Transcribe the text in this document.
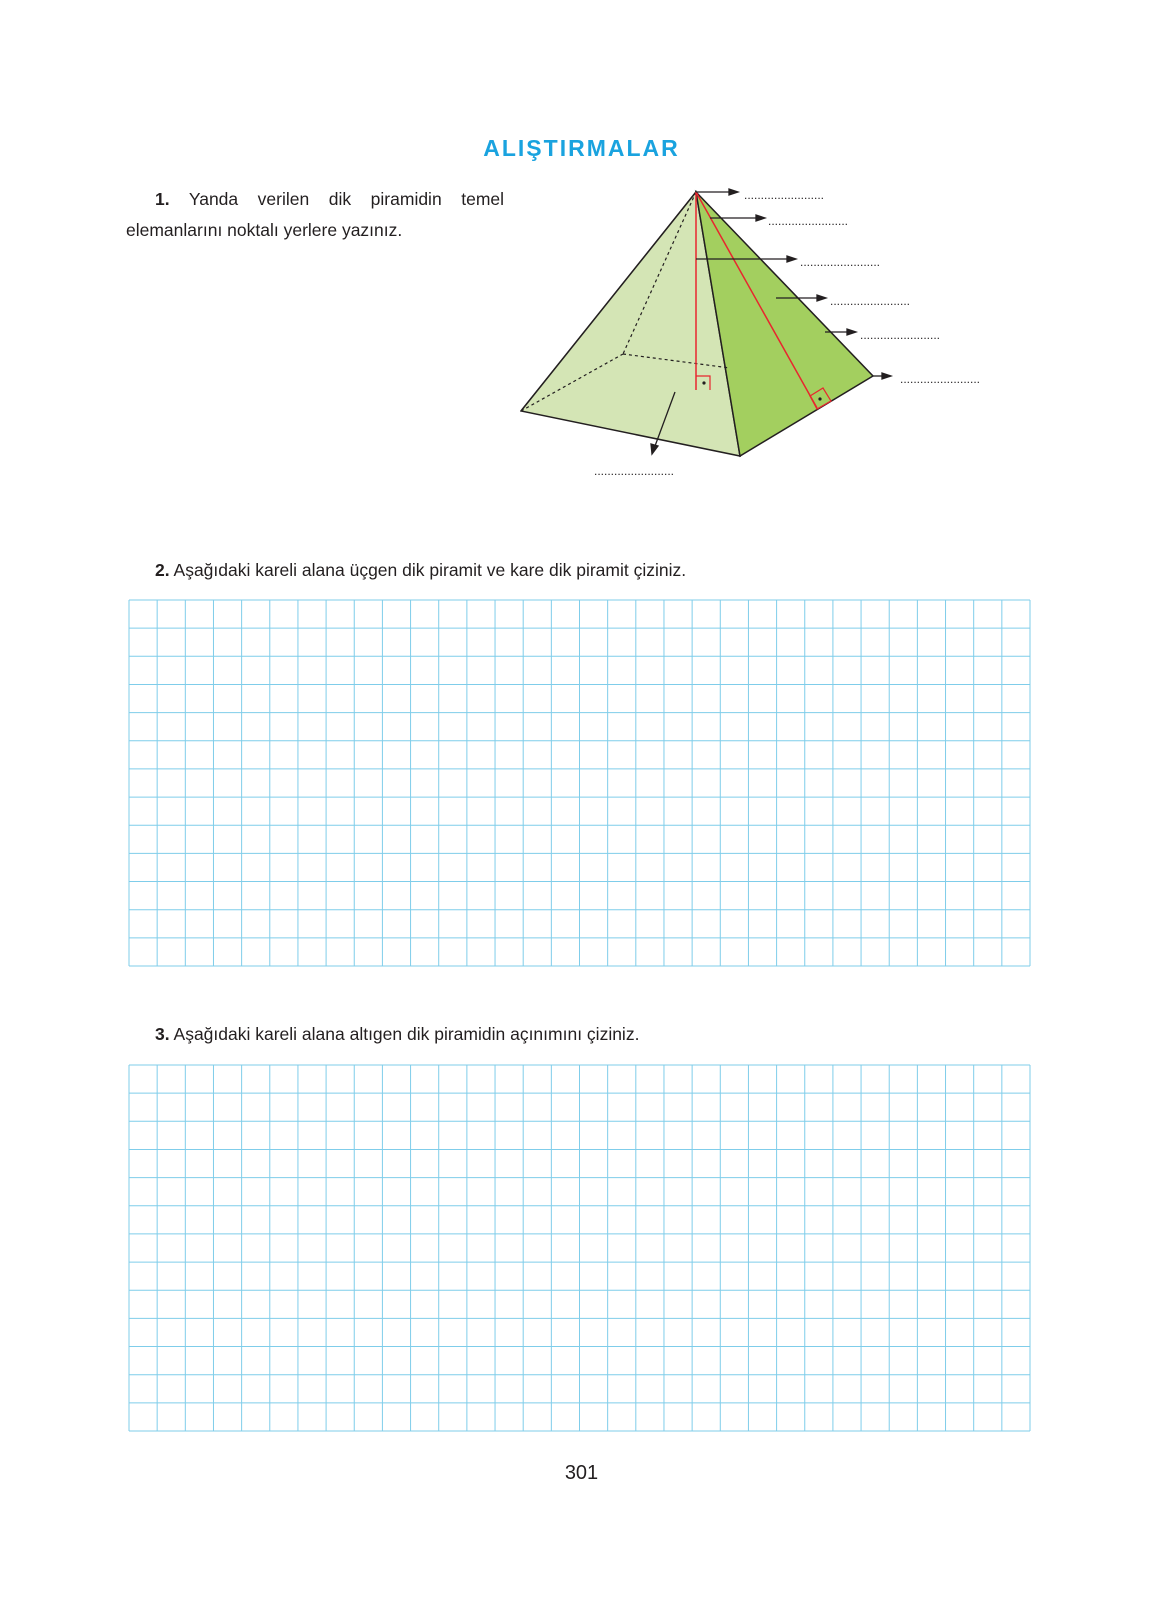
ALIŞTIRMALAR
1. Yanda verilen dik piramidin temel
elemanlarını noktalı yerlere yazınız.
........................
........................
........................
........................
........................
........................
........................
2. Aşağıdaki kareli alana üçgen dik piramit ve kare dik piramit çiziniz.
3. Aşağıdaki kareli alana altıgen dik piramidin açınımını çiziniz.
301
